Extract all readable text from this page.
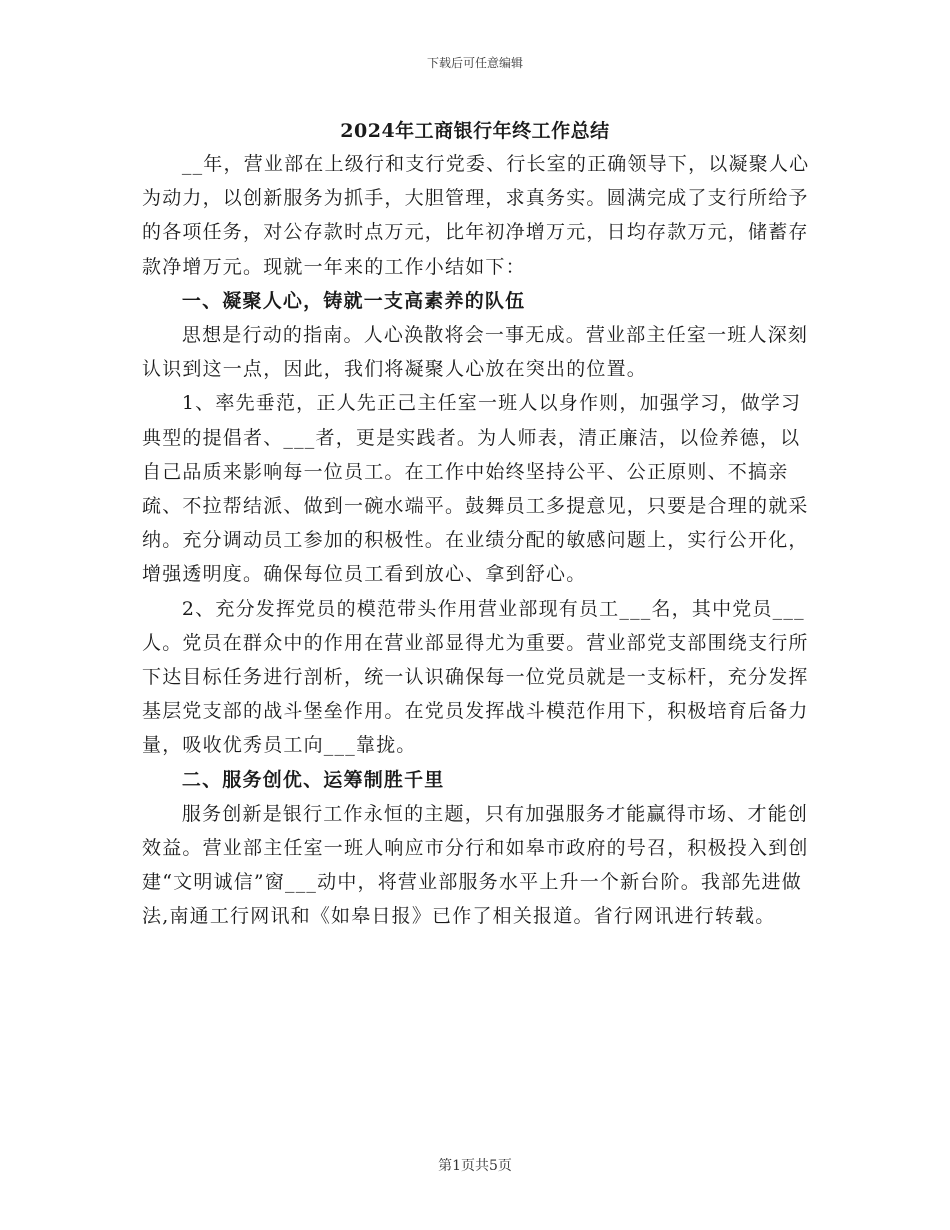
下载后可任意编辑
2024年工商银行年终工作总结

__年，营业部在上级行和支行党委、行长室的正确领导下，以凝聚人心为动力，以创新服务为抓手，大胆管理，求真务实。圆满完成了支行所给予的各项任务，对公存款时点万元，比年初净增万元，日均存款万元，储蓄存款净增万元。现就一年来的工作小结如下：

一、凝聚人心，铸就一支高素养的队伍

思想是行动的指南。人心涣散将会一事无成。营业部主任室一班人深刻认识到这一点，因此，我们将凝聚人心放在突出的位置。

1、率先垂范，正人先正己主任室一班人以身作则，加强学习，做学习典型的提倡者、___者，更是实践者。为人师表，清正廉洁，以俭养德，以自己品质来影响每一位员工。在工作中始终坚持公平、公正原则、不搞亲疏、不拉帮结派、做到一碗水端平。鼓舞员工多提意见，只要是合理的就采纳。充分调动员工参加的积极性。在业绩分配的敏感问题上，实行公开化，增强透明度。确保每位员工看到放心、拿到舒心。

2、充分发挥党员的模范带头作用营业部现有员工___名，其中党员___人。党员在群众中的作用在营业部显得尤为重要。营业部党支部围绕支行所下达目标任务进行剖析，统一认识确保每一位党员就是一支标杆，充分发挥基层党支部的战斗堡垒作用。在党员发挥战斗模范作用下，积极培育后备力量，吸收优秀员工向___靠拢。

二、服务创优、运筹制胜千里

服务创新是银行工作永恒的主题，只有加强服务才能赢得市场、才能创效益。营业部主任室一班人响应市分行和如皋市政府的号召，积极投入到创建“文明诚信”窗___动中，将营业部服务水平上升一个新台阶。我部先进做法,南通工行网讯和《如皋日报》已作了相关报道。省行网讯进行转载。

第1页共5页
